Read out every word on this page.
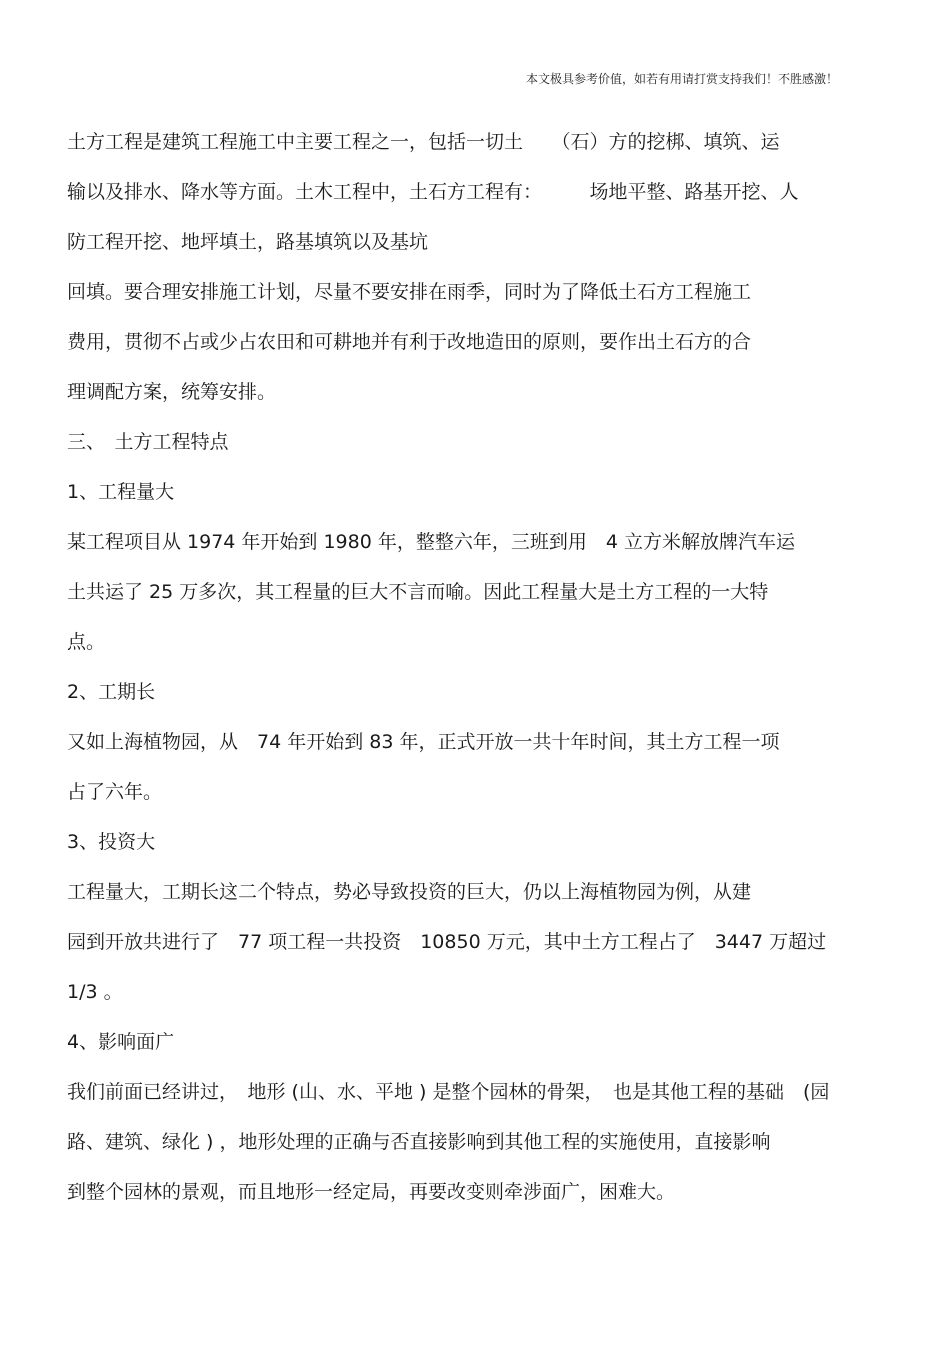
本文极具参考价值，如若有用请打赏支持我们！不胜感激！

土方工程是建筑工程施工中主要工程之一，包括一切土　　（石）方的挖梆、填筑、运

输以及排水、降水等方面。土木工程中，土石方工程有：　　　场地平整、路基开挖、人

防工程开挖、地坪填土，路基填筑以及基坑

回填。要合理安排施工计划，尽量不要安排在雨季，同时为了降低土石方工程施工

费用，贯彻不占或少占农田和可耕地并有利于改地造田的原则，要作出土石方的合

理调配方案，统筹安排。

三、　土方工程特点

1、工程量大

某工程项目从 1974 年开始到 1980 年，整整六年，三班到用　4 立方米解放牌汽车运

土共运了 25 万多次，其工程量的巨大不言而喻。因此工程量大是土方工程的一大特

点。

2、工期长

又如上海植物园，从　74 年开始到 83 年，正式开放一共十年时间，其土方工程一项

占了六年。

3、投资大

工程量大，工期长这二个特点，势必导致投资的巨大，仍以上海植物园为例，从建

园到开放共进行了　77 项工程一共投资　10850 万元，其中土方工程占了　3447 万超过

1/3 。

4、影响面广

我们前面已经讲过，　地形 (山、水、平地 ) 是整个园林的骨架，　也是其他工程的基础　(园

路、建筑、绿化 ) ，地形处理的正确与否直接影响到其他工程的实施使用，直接影响

到整个园林的景观，而且地形一经定局，再要改变则牵涉面广，困难大。
